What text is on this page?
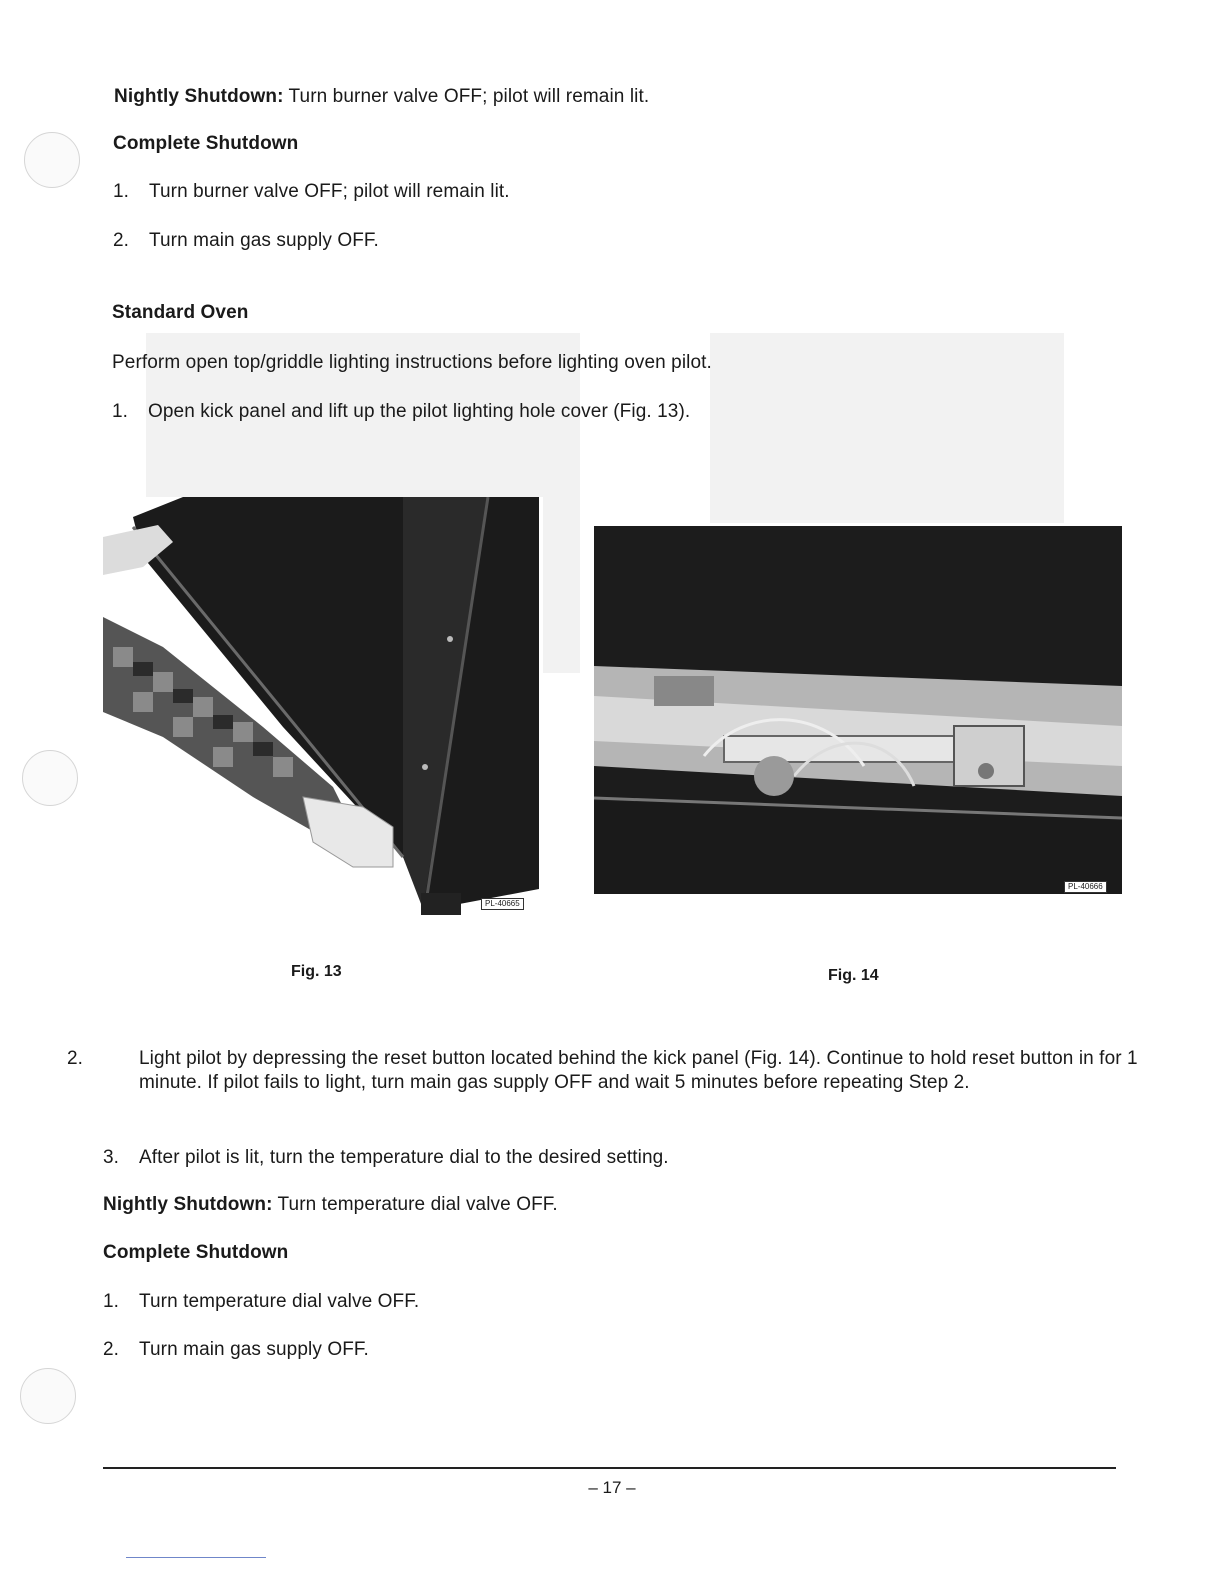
Nightly Shutdown: Turn burner valve OFF; pilot will remain lit.
Complete Shutdown
1. Turn burner valve OFF; pilot will remain lit.
2. Turn main gas supply OFF.
Standard Oven
Perform open top/griddle lighting instructions before lighting oven pilot.
1. Open kick panel and lift up the pilot lighting hole cover (Fig. 13).
PL-40665
PL-40666
Fig. 13	Fig. 14
2.	Light pilot by depressing the reset button located behind the kick panel (Fig. 14). Continue to hold reset button in for 1 minute. If pilot fails to light, turn main gas supply OFF and wait 5 minutes before repeating Step 2.
3. After pilot is lit, turn the temperature dial to the desired setting.
Nightly Shutdown: Turn temperature dial valve OFF.
Complete Shutdown
1. Turn temperature dial valve OFF.
2. Turn main gas supply OFF.
– 17 –
